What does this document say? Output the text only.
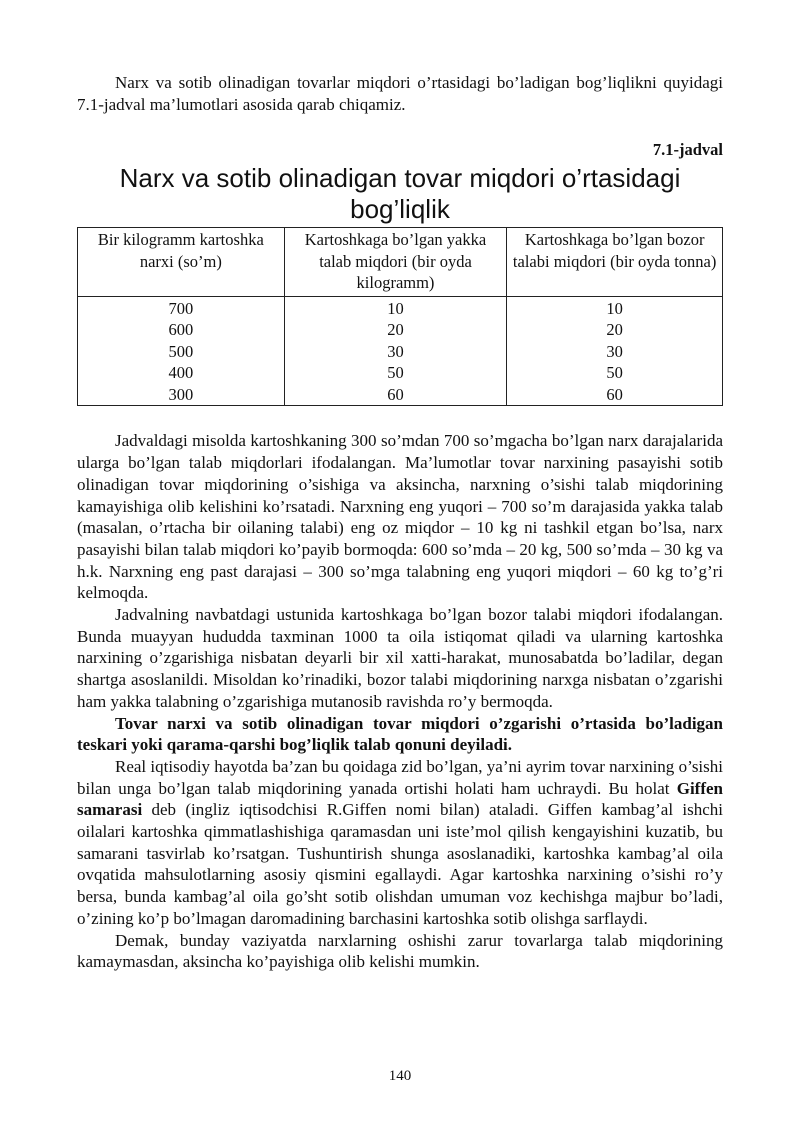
Narx va sotib olinadigan tovarlar miqdori o’rtasidagi bo’ladigan bog’liqlikni quyidagi 7.1-jadval ma’lumotlari asosida qarab chiqamiz.

7.1-jadval
Narx va sotib olinadigan tovar miqdori o’rtasidagi bog’liqlik
Bir kilogramm kartoshka narxi (so’m)	Kartoshkaga bo’lgan yakka talab miqdori (bir oyda kilogramm)	Kartoshkaga bo’lgan bozor talabi miqdori (bir oyda tonna)
700	10	10
600	20	20
500	30	30
400	50	50
300	60	60

Jadvaldagi misolda kartoshkaning 300 so’mdan 700 so’mgacha bo’lgan narx darajalarida ularga bo’lgan talab miqdorlari ifodalangan. Ma’lumotlar tovar narxining pasayishi sotib olinadigan tovar miqdorining o’sishiga va aksincha, narxning o’sishi talab miqdorining kamayishiga olib kelishini ko’rsatadi. Narxning eng yuqori – 700 so’m darajasida yakka talab (masalan, o’rtacha bir oilaning talabi) eng oz miqdor – 10 kg ni tashkil etgan bo’lsa, narx pasayishi bilan talab miqdori ko’payib bormoqda: 600 so’mda – 20 kg, 500 so’mda – 30 kg va h.k. Narxning eng past darajasi – 300 so’mga talabning eng yuqori miqdori – 60 kg to’g’ri kelmoqda.

Jadvalning navbatdagi ustunida kartoshkaga bo’lgan bozor talabi miqdori ifodalangan. Bunda muayyan hududda taxminan 1000 ta oila istiqomat qiladi va ularning kartoshka narxining o’zgarishiga nisbatan deyarli bir xil xatti-harakat, munosabatda bo’ladilar, degan shartga asoslanildi. Misoldan ko’rinadiki, bozor talabi miqdorining narxga nisbatan o’zgarishi ham yakka talabning o’zgarishiga mutanosib ravishda ro’y bermoqda.

Tovar narxi va sotib olinadigan tovar miqdori o’zgarishi o’rtasida bo’ladigan teskari yoki qarama-qarshi bog’liqlik talab qonuni deyiladi.

Real iqtisodiy hayotda ba’zan bu qoidaga zid bo’lgan, ya’ni ayrim tovar narxining o’sishi bilan unga bo’lgan talab miqdorining yanada ortishi holati ham uchraydi. Bu holat Giffen samarasi deb (ingliz iqtisodchisi R.Giffen nomi bilan) ataladi. Giffen kambag’al ishchi oilalari kartoshka qimmatlashishiga qaramasdan uni iste’mol qilish kengayishini kuzatib, bu samarani tasvirlab ko’rsatgan. Tushuntirish shunga asoslanadiki, kartoshka kambag’al oila ovqatida mahsulotlarning asosiy qismini egallaydi. Agar kartoshka narxining o’sishi ro’y bersa, bunda kambag’al oila go’sht sotib olishdan umuman voz kechishga majbur bo’ladi, o’zining ko’p bo’lmagan daromadining barchasini kartoshka sotib olishga sarflaydi.

Demak, bunday vaziyatda narxlarning oshishi zarur tovarlarga talab miqdorining kamaymasdan, aksincha ko’payishiga olib kelishi mumkin.

140
